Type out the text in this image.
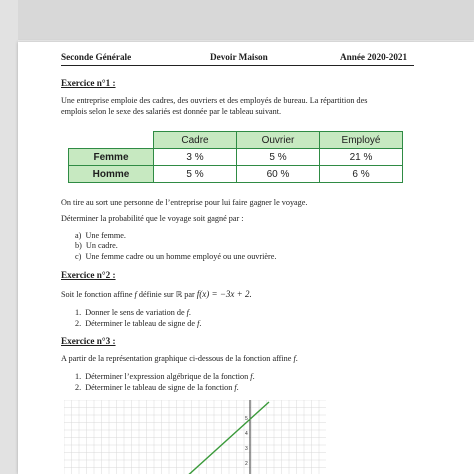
Seconde Générale	Devoir Maison	Année 2020-2021
Exercice n°1 :
Une entreprise emploie des cadres, des ouvriers et des employés de bureau. La répartition des
emplois selon le sexe des salariés est donnée par le tableau suivant.
	Cadre	Ouvrier	Employé
Femme	3 %	5 %	21 %
Homme	5 %	60 %	6 %
On tire au sort une personne de l’entreprise pour lui faire gagner le voyage.
Déterminer la probabilité que le voyage soit gagné par :
a) Une femme.
b) Un cadre.
c) Une femme cadre ou un homme employé ou une ouvrière.
Exercice n°2 :
Soit le fonction affine f définie sur ℝ par f(x) = −3x + 2.
1. Donner le sens de variation de f.
2. Déterminer le tableau de signe de f.
Exercice n°3 :
A partir de la représentation graphique ci-dessous de la fonction affine f.
1. Déterminer l’expression algébrique de la fonction f.
2. Déterminer le tableau de signe de la fonction f.
5
4
3
2
